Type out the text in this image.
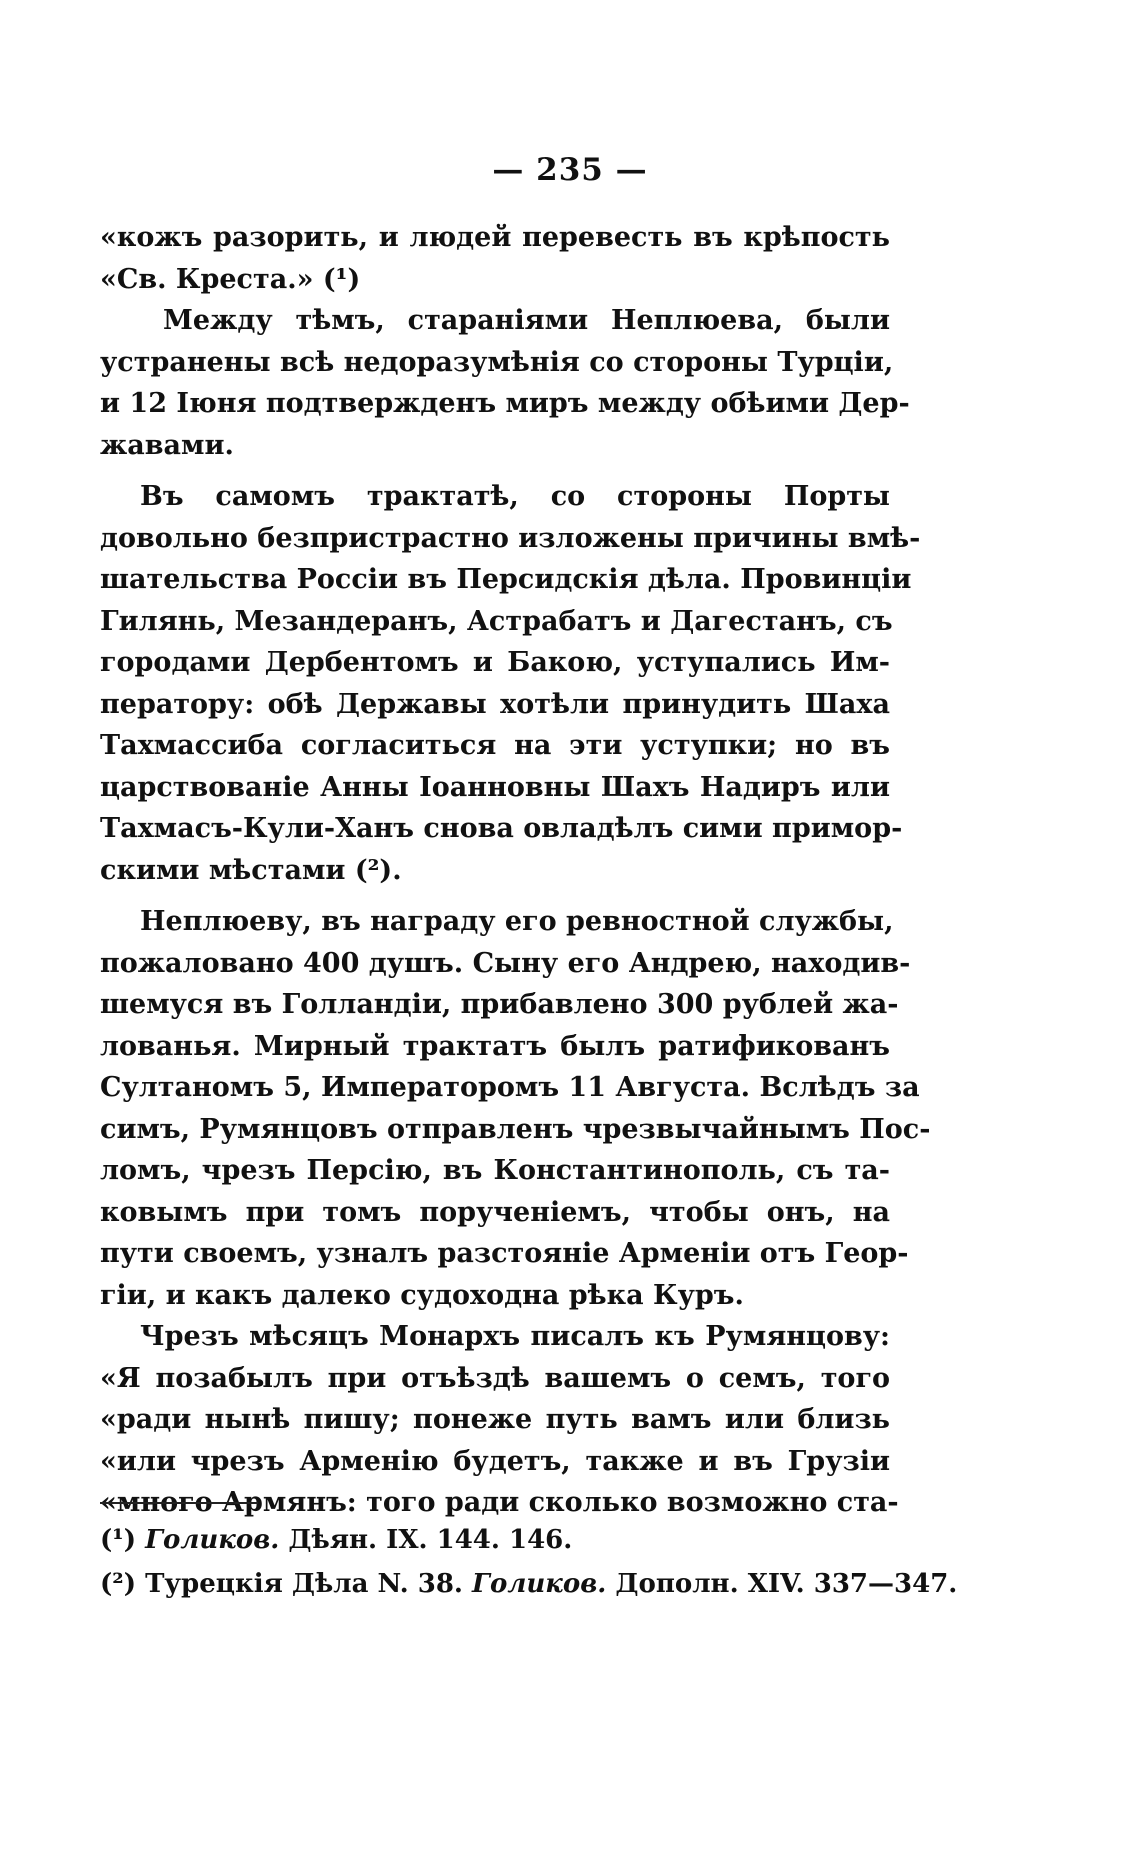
— 235 —
«кожъ разорить, и людей перевесть въ крѣпость
«Св. Креста.» (¹)
Между тѣмъ, стараніями Неплюева, были
устранены всѣ недоразумѣнія со стороны Турціи,
и 12 Іюня подтвержденъ миръ между обѣими Дер-
жавами.
Въ самомъ трактатѣ, со стороны Порты
довольно безпристрастно изложены причины вмѣ-
шательства Россіи въ Персидскія дѣла. Провинціи
Гилянь, Мезандеранъ, Астрабатъ и Дагестанъ, съ
городами Дербентомъ и Бакою, уступались Им-
ператору: обѣ Державы хотѣли принудить Шаха
Тахмассиба согласиться на эти уступки; но въ
царствованіе Анны Іоанновны Шахъ Надиръ или
Тахмасъ-Кули-Ханъ снова овладѣлъ сими примор-
скими мѣстами (²).
Неплюеву, въ награду его ревностной службы,
пожаловано 400 душъ. Сыну его Андрею, находив-
шемуся въ Голландіи, прибавлено 300 рублей жа-
лованья. Мирный трактатъ былъ ратификованъ
Султаномъ 5, Императоромъ 11 Августа. Вслѣдъ за
симъ, Румянцовъ отправленъ чрезвычайнымъ Пос-
ломъ, чрезъ Персію, въ Константинополь, съ та-
ковымъ при томъ порученіемъ, чтобы онъ, на
пути своемъ, узналъ разстояніе Арменіи отъ Геор-
гіи, и какъ далеко судоходна рѣка Куръ.
Чрезъ мѣсяцъ Монархъ писалъ къ Румянцову:
«Я позабылъ при отъѣздѣ вашемъ о семъ, того
«ради нынѣ пишу; понеже путь вамъ или близь
«или чрезъ Арменію будетъ, также и въ Грузіи
«много Армянъ: того ради сколько возможно ста-
(¹) Голиков. Дѣян. IX. 144. 146.
(²) Турецкія Дѣла N. 38. Голиков. Дополн. XIV. 337—347.
